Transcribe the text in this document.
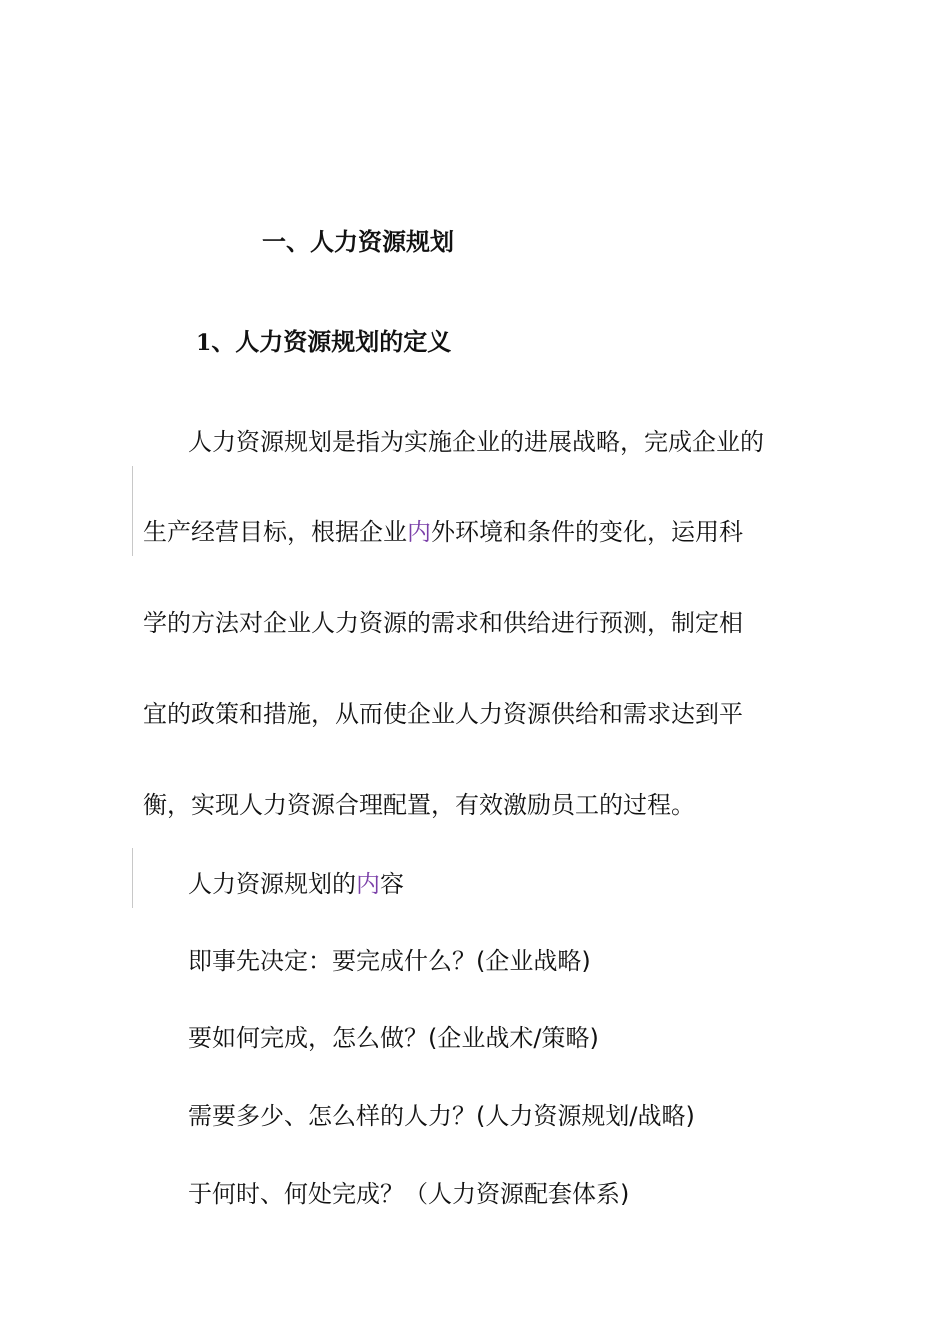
一、人力资源规划
1、人力资源规划的定义
人力资源规划是指为实施企业的进展战略，完成企业的
生产经营目标，根据企业内外环境和条件的变化，运用科
学的方法对企业人力资源的需求和供给进行预测，制定相
宜的政策和措施，从而使企业人力资源供给和需求达到平
衡，实现人力资源合理配置，有效激励员工的过程。
人力资源规划的内容
即事先决定：要完成什么？(企业战略)
要如何完成，怎么做？(企业战术/策略)
需要多少、怎么样的人力？(人力资源规划/战略)
于何时、何处完成？（人力资源配套体系)
